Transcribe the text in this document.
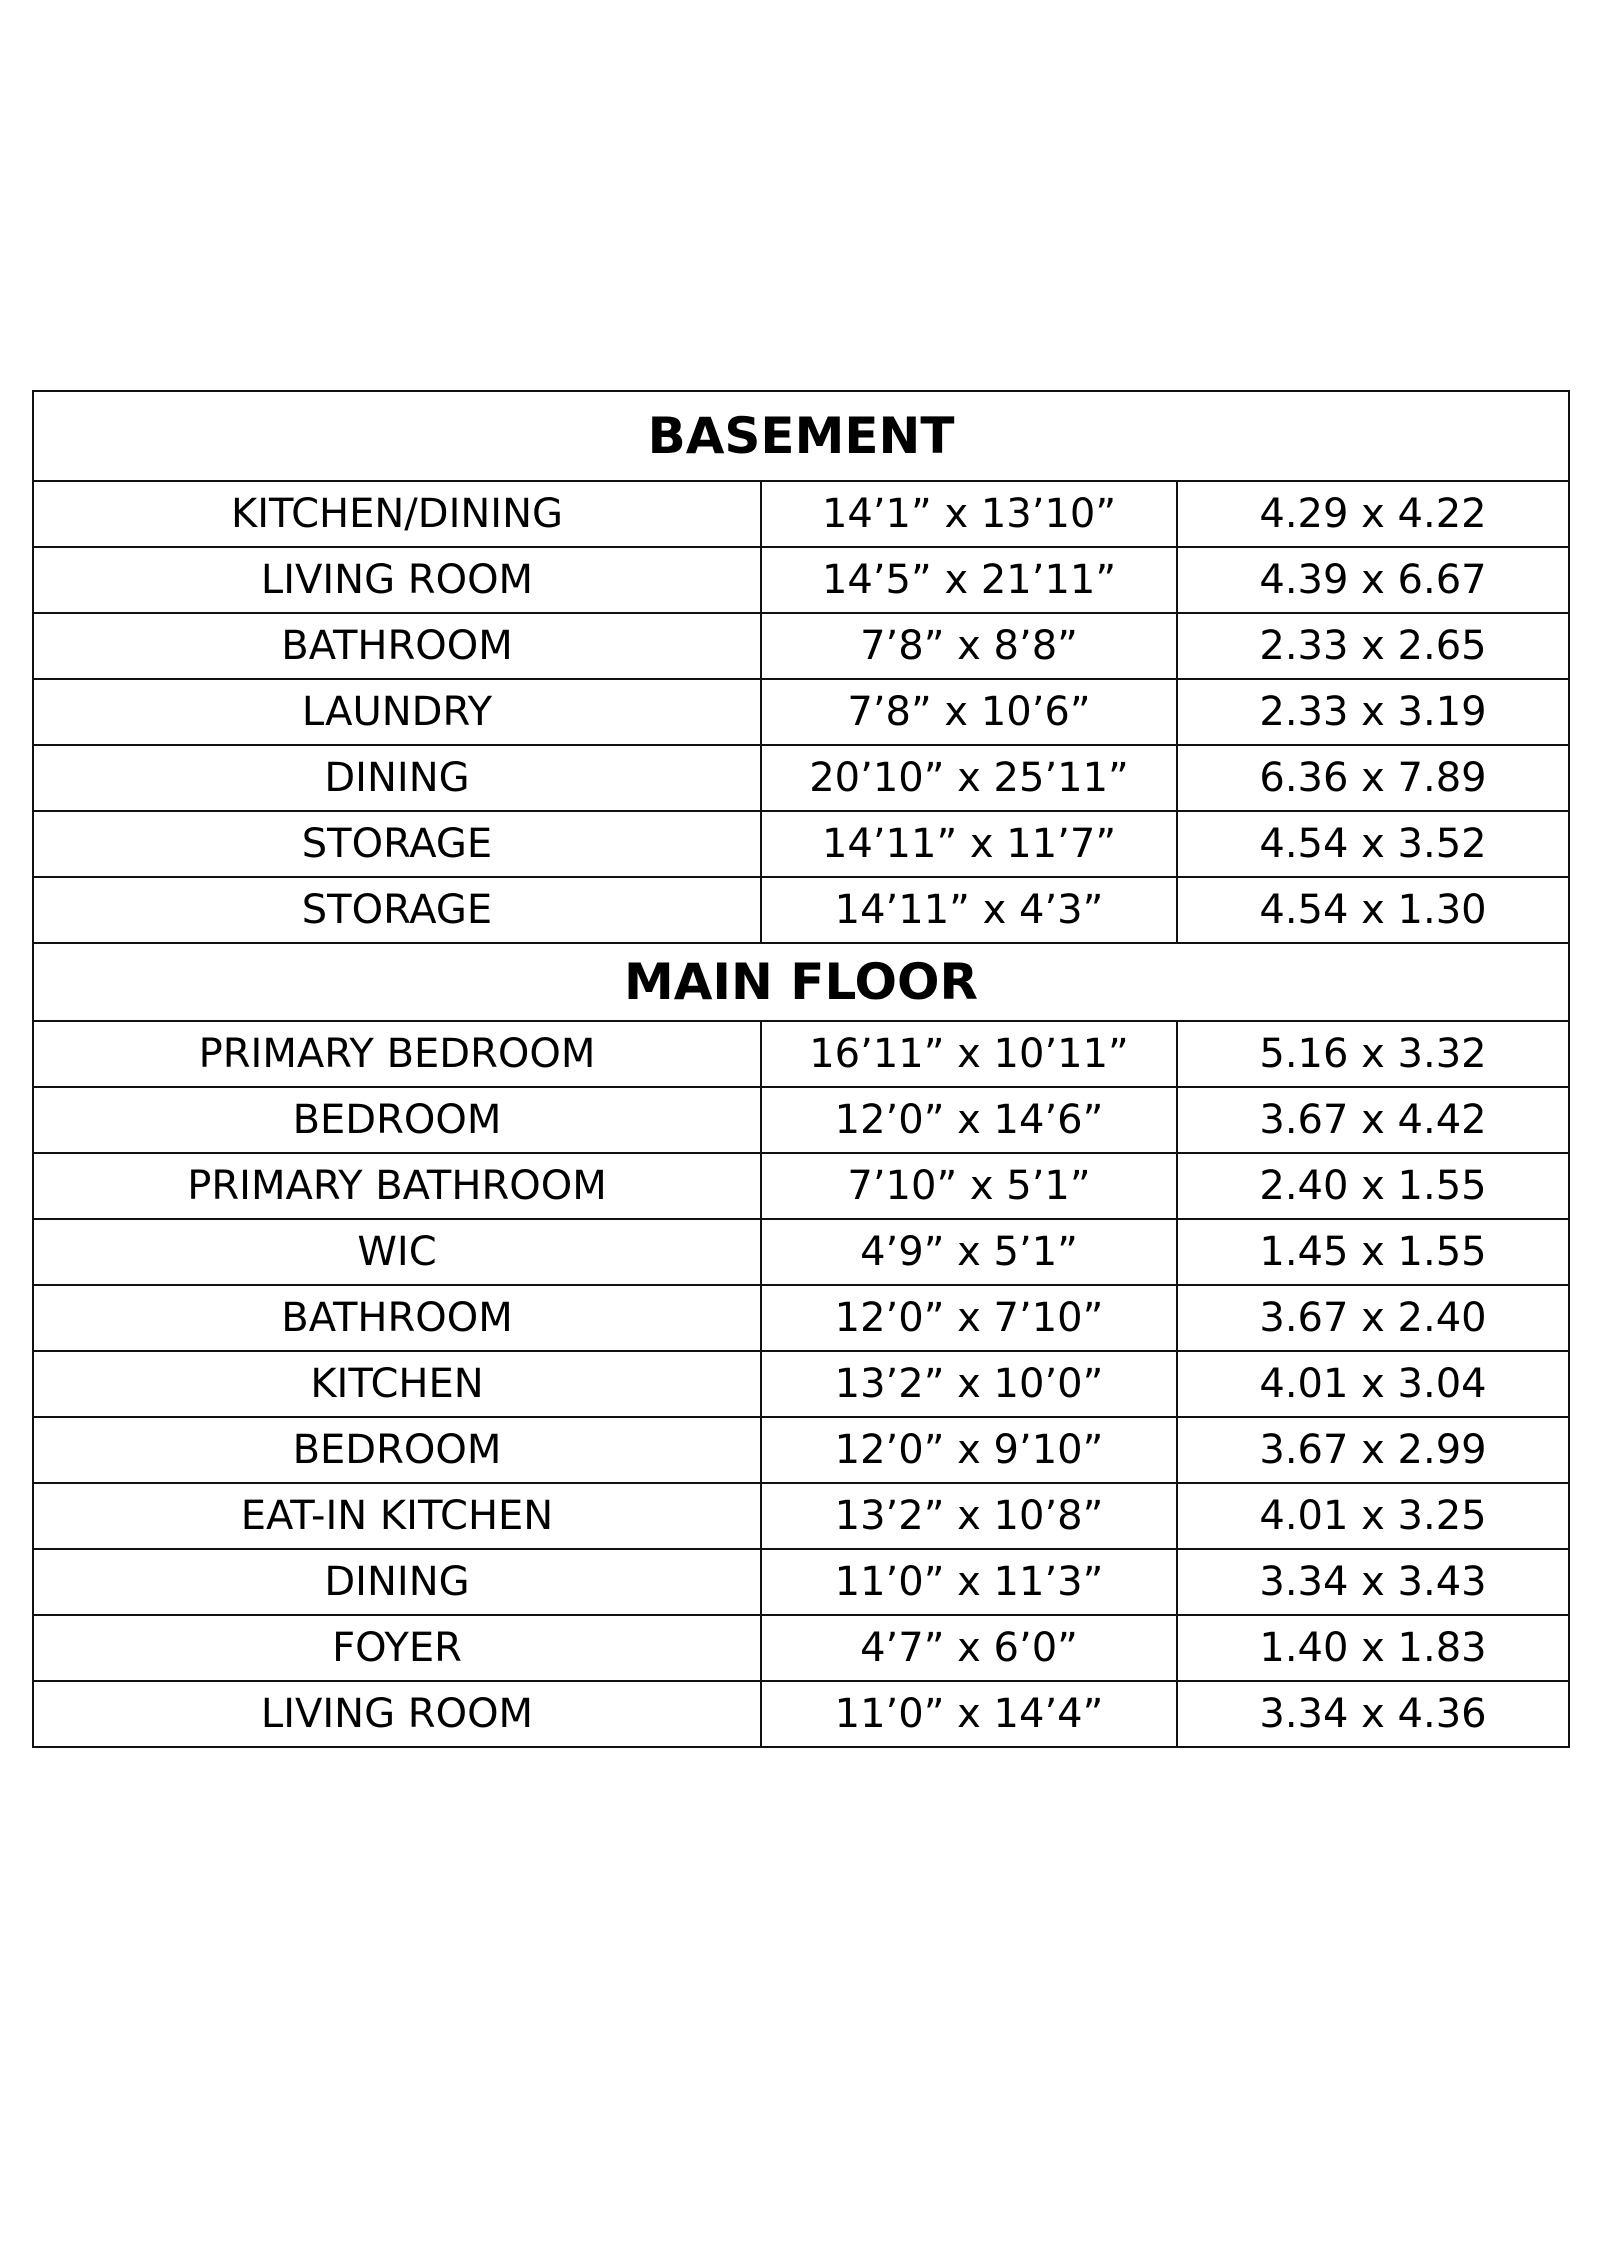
BASEMENT		
KITCHEN/DINING	14’1” x 13’10”	4.29 x 4.22
LIVING ROOM	14’5” x 21’11”	4.39 x 6.67
BATHROOM	7’8” x 8’8”	2.33 x 2.65
LAUNDRY	7’8” x 10’6”	2.33 x 3.19
DINING	20’10” x 25’11”	6.36 x 7.89
STORAGE	14’11” x 11’7”	4.54 x 3.52
STORAGE	14’11” x 4’3”	4.54 x 1.30
MAIN FLOOR		
PRIMARY BEDROOM	16’11” x 10’11”	5.16 x 3.32
BEDROOM	12’0” x 14’6”	3.67 x 4.42
PRIMARY BATHROOM	7’10” x 5’1”	2.40 x 1.55
WIC	4’9” x 5’1”	1.45 x 1.55
BATHROOM	12’0” x 7’10”	3.67 x 2.40
KITCHEN	13’2” x 10’0”	4.01 x 3.04
BEDROOM	12’0” x 9’10”	3.67 x 2.99
EAT-IN KITCHEN	13’2” x 10’8”	4.01 x 3.25
DINING	11’0” x 11’3”	3.34 x 3.43
FOYER	4’7” x 6’0”	1.40 x 1.83
LIVING ROOM	11’0” x 14’4”	3.34 x 4.36
